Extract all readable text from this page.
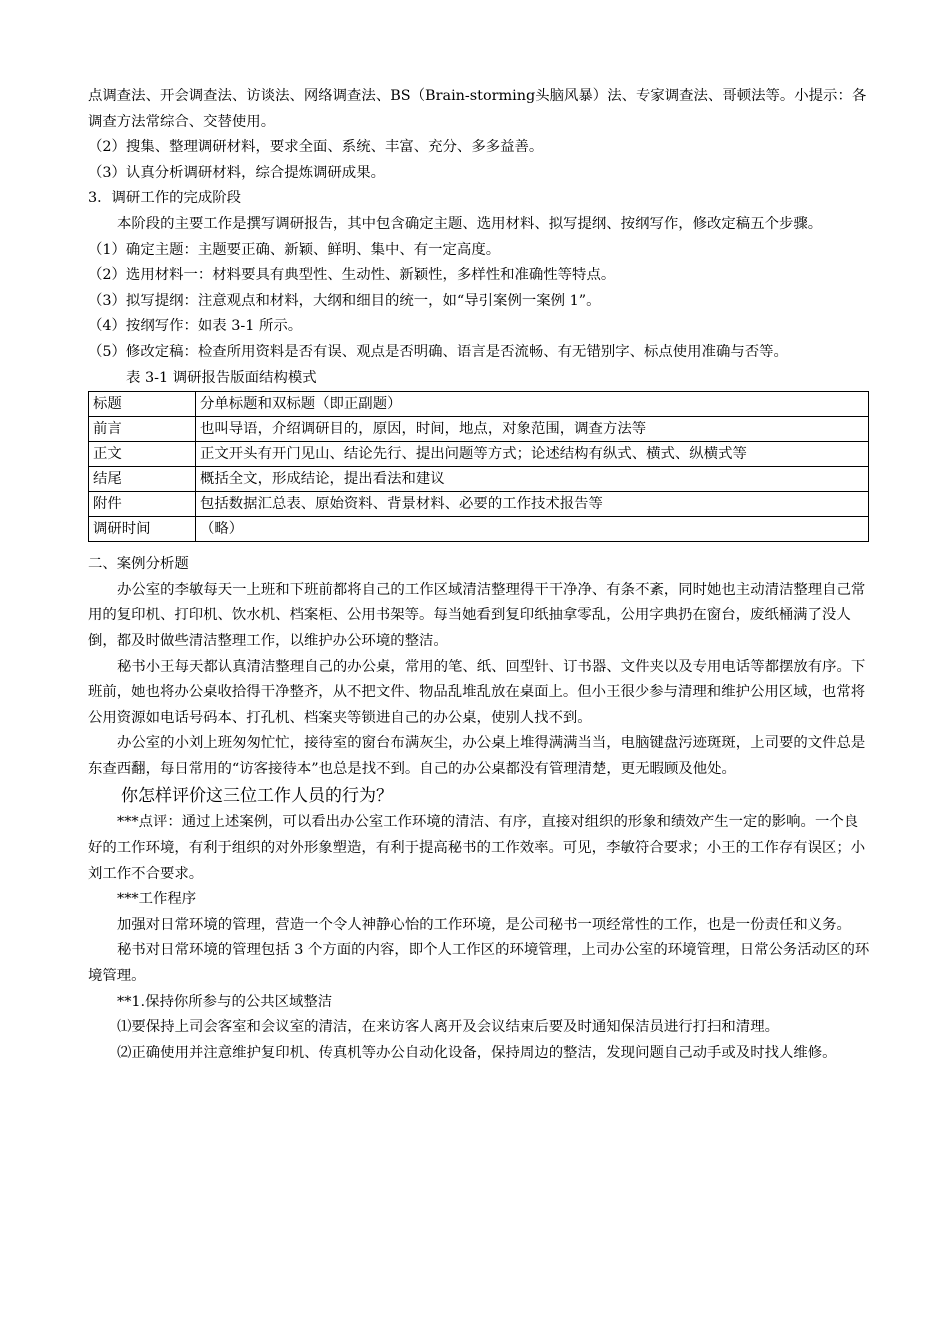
点调查法、开会调查法、访谈法、网络调查法、BS（Brain-storming头脑风暴）法、专家调查法、哥顿法等。小提示：各调查方法常综合、交替使用。

（2）搜集、整理调研材料，要求全面、系统、丰富、充分、多多益善。

（3）认真分析调研材料，综合提炼调研成果。

3．调研工作的完成阶段

本阶段的主要工作是撰写调研报告，其中包含确定主题、选用材料、拟写提纲、按纲写作，修改定稿五个步骤。

（1）确定主题：主题要正确、新颖、鲜明、集中、有一定高度。

（2）选用材料一：材料要具有典型性、生动性、新颖性，多样性和准确性等特点。

（3）拟写提纲：注意观点和材料，大纲和细目的统一，如“导引案例一案例 1”。

（4）按纲写作：如表 3-1 所示。

（5）修改定稿：检查所用资料是否有误、观点是否明确、语言是否流畅、有无错别字、标点使用准确与否等。

表 3-1 调研报告版面结构模式

标题	分单标题和双标题（即正副题）
前言	也叫导语，介绍调研目的，原因，时间，地点，对象范围，调查方法等
正文	正文开头有开门见山、结论先行、提出问题等方式；论述结构有纵式、横式、纵横式等
结尾	概括全文，形成结论，提出看法和建议
附件	包括数据汇总表、原始资料、背景材料、必要的工作技术报告等
调研时间	（略）

二、案例分析题

办公室的李敏每天一上班和下班前都将自己的工作区域清洁整理得干干净净、有条不紊，同时她也主动清洁整理自己常用的复印机、打印机、饮水机、档案柜、公用书架等。每当她看到复印纸抽拿零乱，公用字典扔在窗台，废纸桶满了没人倒，都及时做些清洁整理工作，以维护办公环境的整洁。

秘书小王每天都认真清洁整理自己的办公桌，常用的笔、纸、回型针、订书器、文件夹以及专用电话等都摆放有序。下班前，她也将办公桌收拾得干净整齐，从不把文件、物品乱堆乱放在桌面上。但小王很少参与清理和维护公用区域，也常将公用资源如电话号码本、打孔机、档案夹等锁进自己的办公桌，使别人找不到。

办公室的小刘上班匆匆忙忙，接待室的窗台布满灰尘，办公桌上堆得满满当当，电脑键盘污迹斑斑，上司要的文件总是东查西翻，每日常用的“访客接待本”也总是找不到。自己的办公桌都没有管理清楚，更无暇顾及他处。

你怎样评价这三位工作人员的行为？

***点评：通过上述案例，可以看出办公室工作环境的清洁、有序，直接对组织的形象和绩效产生一定的影响。一个良好的工作环境，有利于组织的对外形象塑造，有利于提高秘书的工作效率。可见，李敏符合要求；小王的工作存有误区；小刘工作不合要求。

***工作程序

加强对日常环境的管理，营造一个令人神静心怡的工作环境，是公司秘书一项经常性的工作，也是一份责任和义务。

秘书对日常环境的管理包括 3 个方面的内容，即个人工作区的环境管理，上司办公室的环境管理，日常公务活动区的环境管理。

**1.保持你所参与的公共区域整洁

⑴要保持上司会客室和会议室的清洁，在来访客人离开及会议结束后要及时通知保洁员进行打扫和清理。

⑵正确使用并注意维护复印机、传真机等办公自动化设备，保持周边的整洁，发现问题自己动手或及时找人维修。
